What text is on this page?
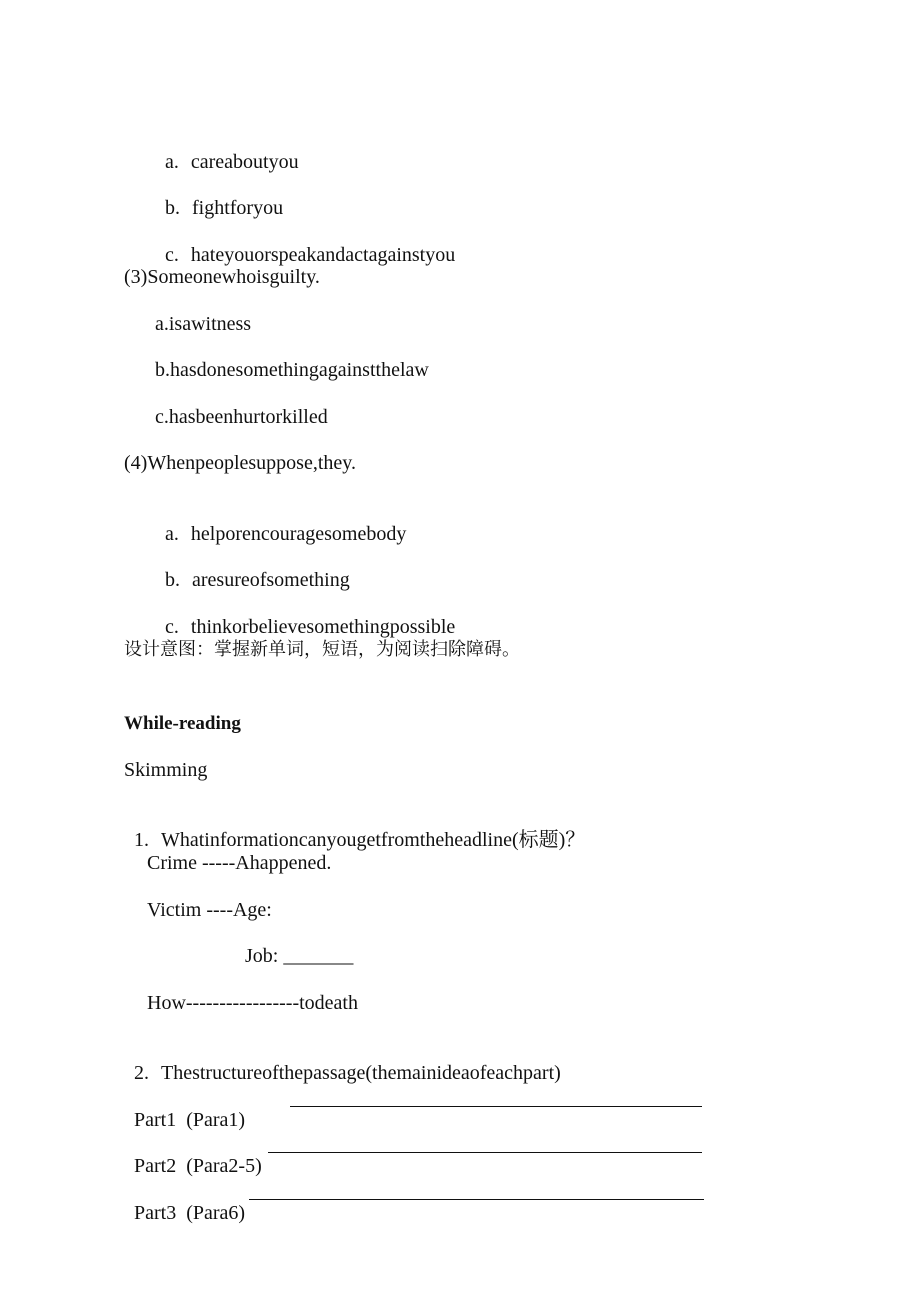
a. careaboutyou

b. fightforyou

c. hateyouorspeakandactagainstyou

(3)Someonewhoisguilty.
a.isawitness
b.hasdonesomethingagainstthelaw
c.hasbeenhurtorkilled
(4)Whenpeoplesuppose,they.

a. helporencouragesomebody

b. aresureofsomething

c. thinkorbelievesomethingpossible

设计意图：掌握新单词，短语，为阅读扫除障碍。
While-reading
Skimming

1. Whatinformationcanyougetfromtheheadline(标题)？

Crime -----Ahappened.
Victim ----Age:
Job: _______
How-----------------todeath

2. Thestructureofthepassage(themainideaofeachpart)

Part1 (Para1)

Part2 (Para2-5)

Part3 (Para6)
